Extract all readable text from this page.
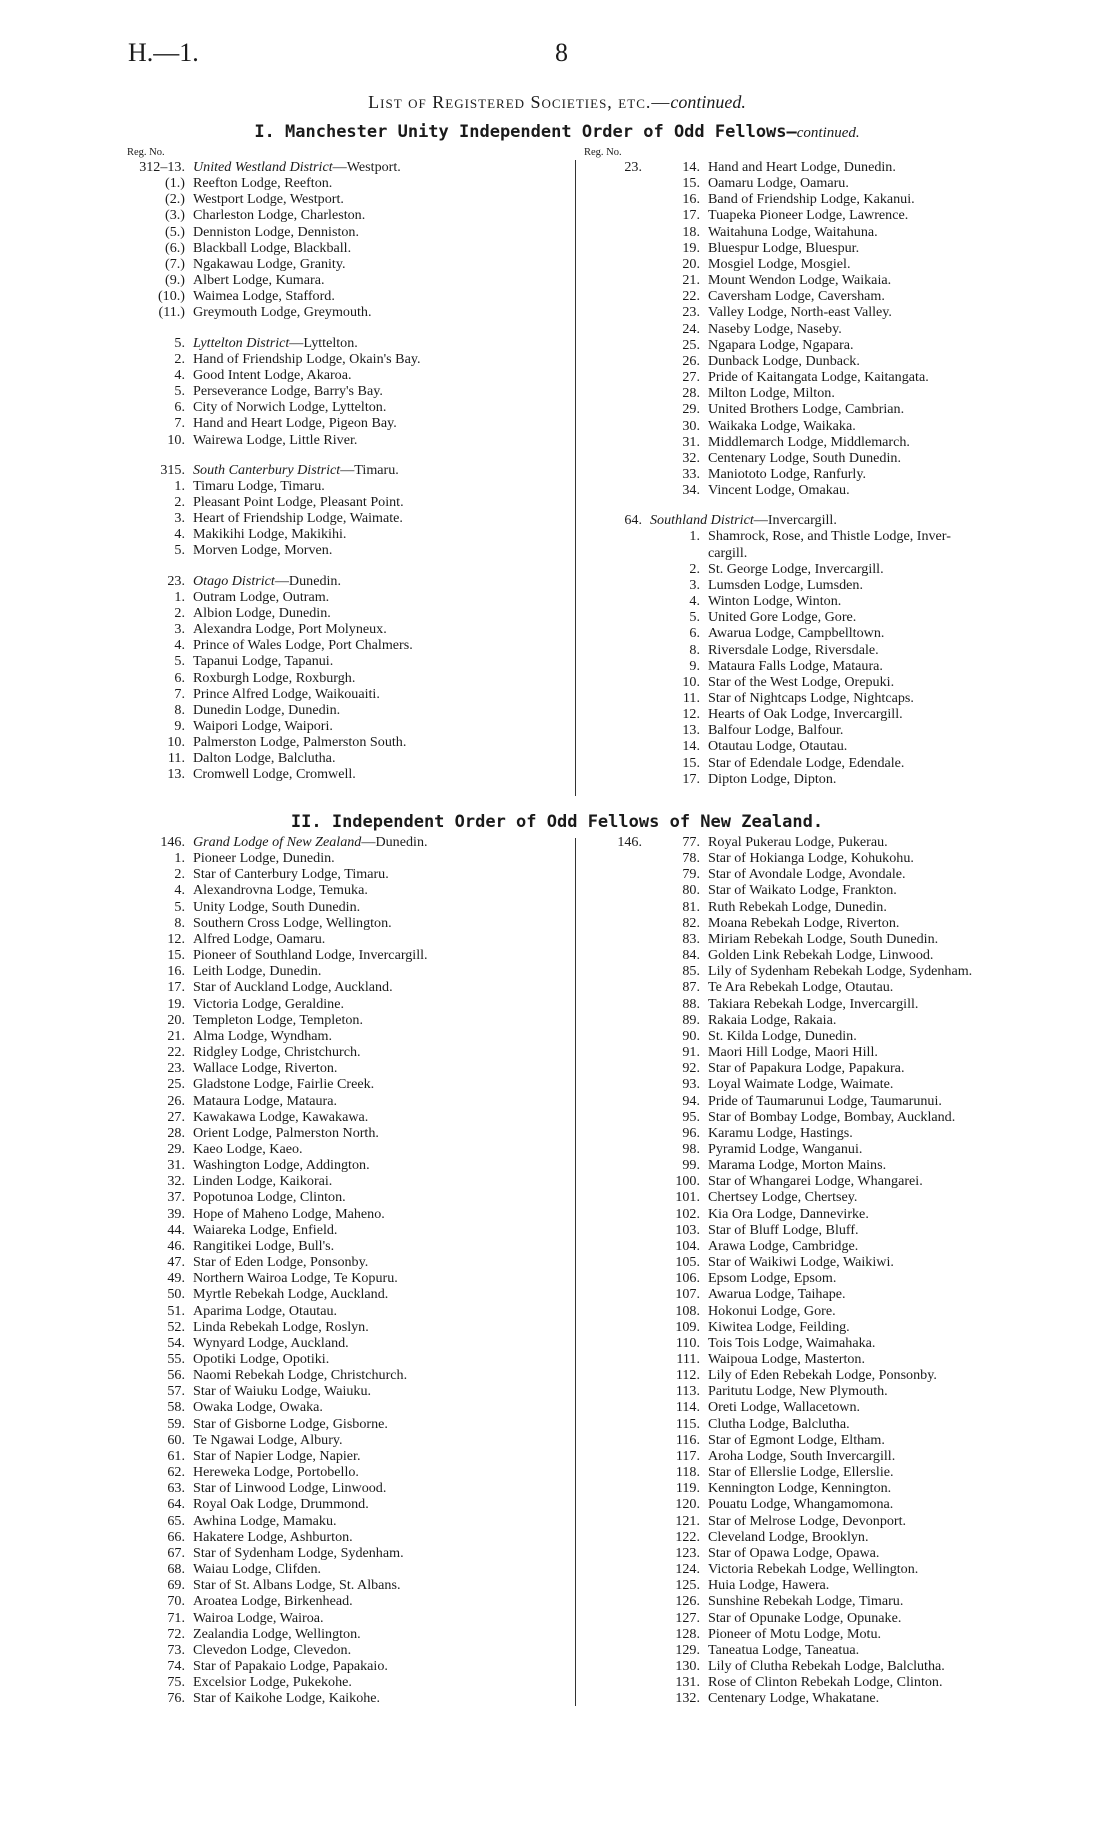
H.—1.	8
List of Registered Societies, etc.—continued.
I. Manchester Unity Independent Order of Odd Fellows—continued.
Reg. No.
312–13. United Westland District—Westport.
(1.) Reefton Lodge, Reefton.
(2.) Westport Lodge, Westport.
(3.) Charleston Lodge, Charleston.
(5.) Denniston Lodge, Denniston.
(6.) Blackball Lodge, Blackball.
(7.) Ngakawau Lodge, Granity.
(9.) Albert Lodge, Kumara.
(10.) Waimea Lodge, Stafford.
(11.) Greymouth Lodge, Greymouth.
5. Lyttelton District—Lyttelton.
2. Hand of Friendship Lodge, Okain's Bay.
4. Good Intent Lodge, Akaroa.
5. Perseverance Lodge, Barry's Bay.
6. City of Norwich Lodge, Lyttelton.
7. Hand and Heart Lodge, Pigeon Bay.
10. Wairewa Lodge, Little River.
315. South Canterbury District—Timaru.
1. Timaru Lodge, Timaru.
2. Pleasant Point Lodge, Pleasant Point.
3. Heart of Friendship Lodge, Waimate.
4. Makikihi Lodge, Makikihi.
5. Morven Lodge, Morven.
23. Otago District—Dunedin.
1. Outram Lodge, Outram.
2. Albion Lodge, Dunedin.
3. Alexandra Lodge, Port Molyneux.
4. Prince of Wales Lodge, Port Chalmers.
5. Tapanui Lodge, Tapanui.
6. Roxburgh Lodge, Roxburgh.
7. Prince Alfred Lodge, Waikouaiti.
8. Dunedin Lodge, Dunedin.
9. Waipori Lodge, Waipori.
10. Palmerston Lodge, Palmerston South.
11. Dalton Lodge, Balclutha.
13. Cromwell Lodge, Cromwell.
Reg. No.
23.	14. Hand and Heart Lodge, Dunedin.
15. Oamaru Lodge, Oamaru.
16. Band of Friendship Lodge, Kakanui.
17. Tuapeka Pioneer Lodge, Lawrence.
18. Waitahuna Lodge, Waitahuna.
19. Bluespur Lodge, Bluespur.
20. Mosgiel Lodge, Mosgiel.
21. Mount Wendon Lodge, Waikaia.
22. Caversham Lodge, Caversham.
23. Valley Lodge, North-east Valley.
24. Naseby Lodge, Naseby.
25. Ngapara Lodge, Ngapara.
26. Dunback Lodge, Dunback.
27. Pride of Kaitangata Lodge, Kaitangata.
28. Milton Lodge, Milton.
29. United Brothers Lodge, Cambrian.
30. Waikaka Lodge, Waikaka.
31. Middlemarch Lodge, Middlemarch.
32. Centenary Lodge, South Dunedin.
33. Maniototo Lodge, Ranfurly.
34. Vincent Lodge, Omakau.
64. Southland District—Invercargill.
1. Shamrock, Rose, and Thistle Lodge, Inver-
cargill.
2. St. George Lodge, Invercargill.
3. Lumsden Lodge, Lumsden.
4. Winton Lodge, Winton.
5. United Gore Lodge, Gore.
6. Awarua Lodge, Campbelltown.
8. Riversdale Lodge, Riversdale.
9. Mataura Falls Lodge, Mataura.
10. Star of the West Lodge, Orepuki.
11. Star of Nightcaps Lodge, Nightcaps.
12. Hearts of Oak Lodge, Invercargill.
13. Balfour Lodge, Balfour.
14. Otautau Lodge, Otautau.
15. Star of Edendale Lodge, Edendale.
17. Dipton Lodge, Dipton.
II. Independent Order of Odd Fellows of New Zealand.
146. Grand Lodge of New Zealand—Dunedin.
1. Pioneer Lodge, Dunedin.
2. Star of Canterbury Lodge, Timaru.
4. Alexandrovna Lodge, Temuka.
5. Unity Lodge, South Dunedin.
8. Southern Cross Lodge, Wellington.
12. Alfred Lodge, Oamaru.
15. Pioneer of Southland Lodge, Invercargill.
16. Leith Lodge, Dunedin.
17. Star of Auckland Lodge, Auckland.
19. Victoria Lodge, Geraldine.
20. Templeton Lodge, Templeton.
21. Alma Lodge, Wyndham.
22. Ridgley Lodge, Christchurch.
23. Wallace Lodge, Riverton.
25. Gladstone Lodge, Fairlie Creek.
26. Mataura Lodge, Mataura.
27. Kawakawa Lodge, Kawakawa.
28. Orient Lodge, Palmerston North.
29. Kaeo Lodge, Kaeo.
31. Washington Lodge, Addington.
32. Linden Lodge, Kaikorai.
37. Popotunoa Lodge, Clinton.
39. Hope of Maheno Lodge, Maheno.
44. Waiareka Lodge, Enfield.
46. Rangitikei Lodge, Bull's.
47. Star of Eden Lodge, Ponsonby.
49. Northern Wairoa Lodge, Te Kopuru.
50. Myrtle Rebekah Lodge, Auckland.
51. Aparima Lodge, Otautau.
52. Linda Rebekah Lodge, Roslyn.
54. Wynyard Lodge, Auckland.
55. Opotiki Lodge, Opotiki.
56. Naomi Rebekah Lodge, Christchurch.
57. Star of Waiuku Lodge, Waiuku.
58. Owaka Lodge, Owaka.
59. Star of Gisborne Lodge, Gisborne.
60. Te Ngawai Lodge, Albury.
61. Star of Napier Lodge, Napier.
62. Hereweka Lodge, Portobello.
63. Star of Linwood Lodge, Linwood.
64. Royal Oak Lodge, Drummond.
65. Awhina Lodge, Mamaku.
66. Hakatere Lodge, Ashburton.
67. Star of Sydenham Lodge, Sydenham.
68. Waiau Lodge, Clifden.
69. Star of St. Albans Lodge, St. Albans.
70. Aroatea Lodge, Birkenhead.
71. Wairoa Lodge, Wairoa.
72. Zealandia Lodge, Wellington.
73. Clevedon Lodge, Clevedon.
74. Star of Papakaio Lodge, Papakaio.
75. Excelsior Lodge, Pukekohe.
76. Star of Kaikohe Lodge, Kaikohe.
146.	77. Royal Pukerau Lodge, Pukerau.
78. Star of Hokianga Lodge, Kohukohu.
79. Star of Avondale Lodge, Avondale.
80. Star of Waikato Lodge, Frankton.
81. Ruth Rebekah Lodge, Dunedin.
82. Moana Rebekah Lodge, Riverton.
83. Miriam Rebekah Lodge, South Dunedin.
84. Golden Link Rebekah Lodge, Linwood.
85. Lily of Sydenham Rebekah Lodge, Sydenham.
87. Te Ara Rebekah Lodge, Otautau.
88. Takiara Rebekah Lodge, Invercargill.
89. Rakaia Lodge, Rakaia.
90. St. Kilda Lodge, Dunedin.
91. Maori Hill Lodge, Maori Hill.
92. Star of Papakura Lodge, Papakura.
93. Loyal Waimate Lodge, Waimate.
94. Pride of Taumarunui Lodge, Taumarunui.
95. Star of Bombay Lodge, Bombay, Auckland.
96. Karamu Lodge, Hastings.
98. Pyramid Lodge, Wanganui.
99. Marama Lodge, Morton Mains.
100. Star of Whangarei Lodge, Whangarei.
101. Chertsey Lodge, Chertsey.
102. Kia Ora Lodge, Dannevirke.
103. Star of Bluff Lodge, Bluff.
104. Arawa Lodge, Cambridge.
105. Star of Waikiwi Lodge, Waikiwi.
106. Epsom Lodge, Epsom.
107. Awarua Lodge, Taihape.
108. Hokonui Lodge, Gore.
109. Kiwitea Lodge, Feilding.
110. Tois Tois Lodge, Waimahaka.
111. Waipoua Lodge, Masterton.
112. Lily of Eden Rebekah Lodge, Ponsonby.
113. Paritutu Lodge, New Plymouth.
114. Oreti Lodge, Wallacetown.
115. Clutha Lodge, Balclutha.
116. Star of Egmont Lodge, Eltham.
117. Aroha Lodge, South Invercargill.
118. Star of Ellerslie Lodge, Ellerslie.
119. Kennington Lodge, Kennington.
120. Pouatu Lodge, Whangamomona.
121. Star of Melrose Lodge, Devonport.
122. Cleveland Lodge, Brooklyn.
123. Star of Opawa Lodge, Opawa.
124. Victoria Rebekah Lodge, Wellington.
125. Huia Lodge, Hawera.
126. Sunshine Rebekah Lodge, Timaru.
127. Star of Opunake Lodge, Opunake.
128. Pioneer of Motu Lodge, Motu.
129. Taneatua Lodge, Taneatua.
130. Lily of Clutha Rebekah Lodge, Balclutha.
131. Rose of Clinton Rebekah Lodge, Clinton.
132. Centenary Lodge, Whakatane.
